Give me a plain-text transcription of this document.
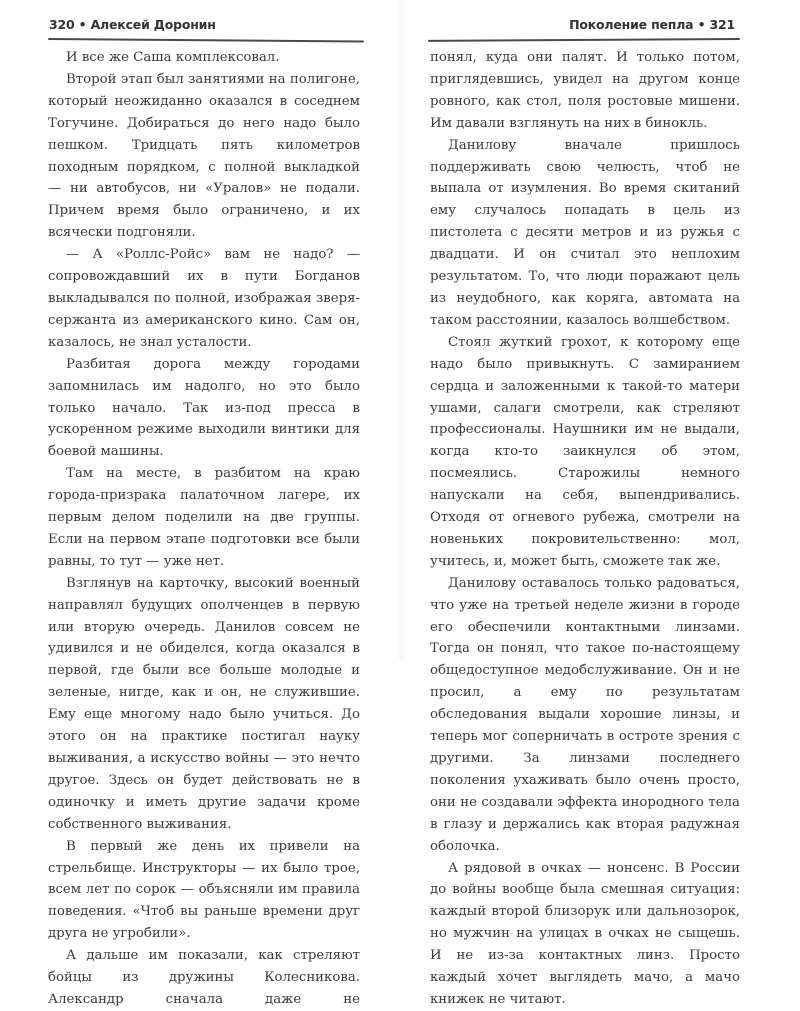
320 • Алексей Доронин

И все же Саша комплексовал.

Второй этап был занятиями на полигоне, который неожиданно оказался в соседнем Тогучине. Добираться до него надо было пешком. Тридцать пять километров походным порядком, с полной выкладкой — ни автобусов, ни «Уралов» не подали. Причем время было ограничено, и их всячески подгоняли.

— А «Роллс-Ройс» вам не надо? — сопровождавший их в пути Богданов выкладывался по полной, изображая зверя-сержанта из американского кино. Сам он, казалось, не знал усталости.

Разбитая дорога между городами запомнилась им надолго, но это было только начало. Так из-под пресса в ускоренном режиме выходили винтики для боевой машины.

Там на месте, в разбитом на краю города-призрака палаточном лагере, их первым делом поделили на две группы. Если на первом этапе подготовки все были равны, то тут — уже нет.

Взглянув на карточку, высокий военный направлял будущих ополченцев в первую или вторую очередь. Данилов совсем не удивился и не обиделся, когда оказался в первой, где были все больше молодые и зеленые, нигде, как и он, не служившие. Ему еще многому надо было учиться. До этого он на практике постигал науку выживания, а искусство войны — это нечто другое. Здесь он будет действовать не в одиночку и иметь другие задачи кроме собственного выживания.

В первый же день их привели на стрельбище. Инструкторы — их было трое, всем лет по сорок — объясняли им правила поведения. «Чтоб вы раньше времени друг друга не угробили».

А дальше им показали, как стреляют бойцы из дружины Колесникова. Александр сначала даже не

Поколение пепла • 321

понял, куда они палят. И только потом, приглядевшись, увидел на другом конце ровного, как стол, поля ростовые мишени. Им давали взглянуть на них в бинокль.

Данилову вначале пришлось поддерживать свою челюсть, чтоб не выпала от изумления. Во время скитаний ему случалось попадать в цель из пистолета с десяти метров и из ружья с двадцати. И он считал это неплохим результатом. То, что люди поражают цель из неудобного, как коряга, автомата на таком расстоянии, казалось волшебством.

Стоял жуткий грохот, к которому еще надо было привыкнуть. С замиранием сердца и заложенными к такой-то матери ушами, салаги смотрели, как стреляют профессионалы. Наушники им не выдали, когда кто-то заикнулся об этом, посмеялись. Старожилы немного напускали на себя, выпендривались. Отходя от огневого рубежа, смотрели на новеньких покровительственно: мол, учитесь, и, может быть, сможете так же.

Данилову оставалось только радоваться, что уже на третьей неделе жизни в городе его обеспечили контактными линзами. Тогда он понял, что такое по-настоящему общедоступное медобслуживание. Он и не просил, а ему по результатам обследования выдали хорошие линзы, и теперь мог соперничать в остроте зрения с другими. За линзами последнего поколения ухаживать было очень просто, они не создавали эффекта инородного тела в глазу и держались как вторая радужная оболочка.

А рядовой в очках — нонсенс. В России до войны вообще была смешная ситуация: каждый второй близорук или дальнозорок, но мужчин на улицах в очках не сыщешь. И не из-за контактных линз. Просто каждый хочет выглядеть мачо, а мачо книжек не читают.
